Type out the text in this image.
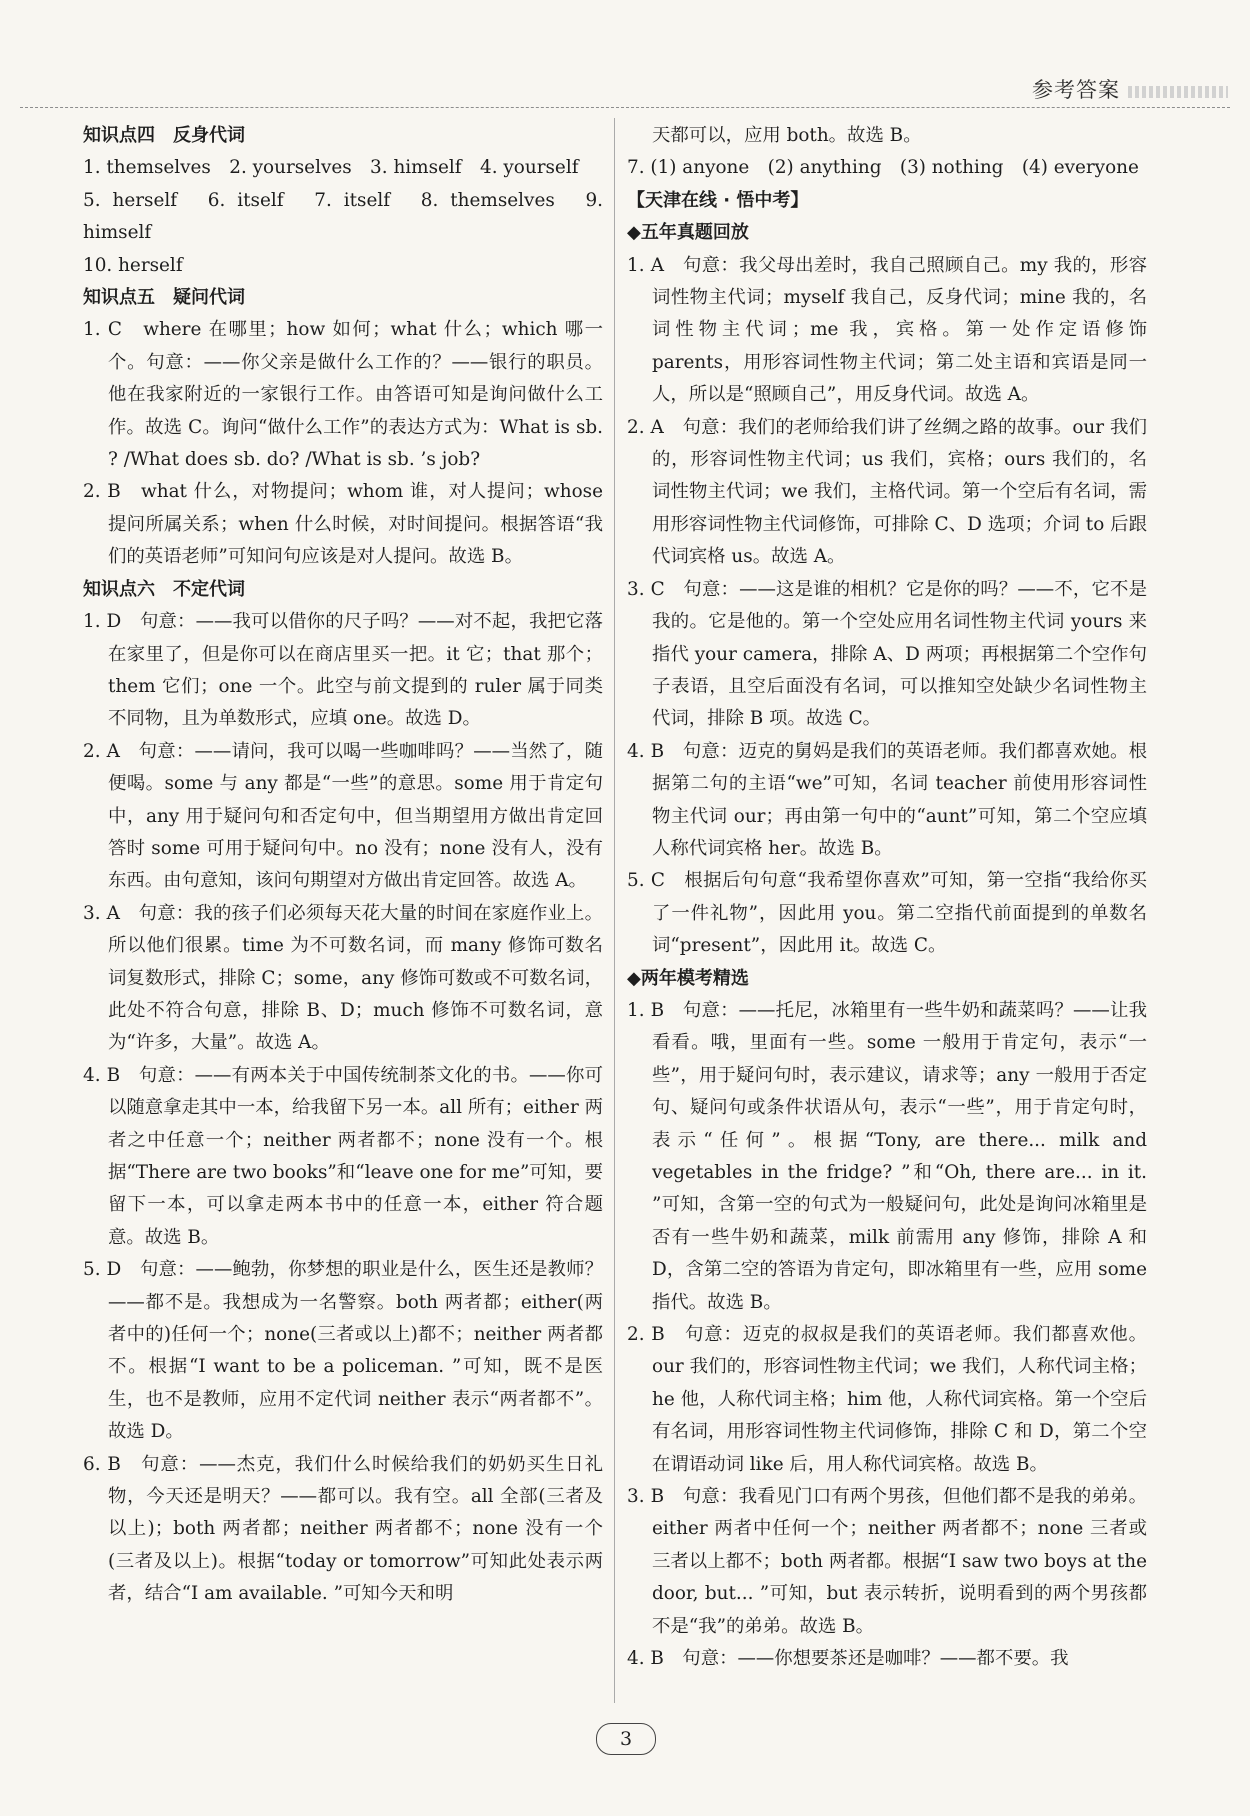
参考答案

知识点四　反身代词

1. themselves　2. yourselves　3. himself　4. yourself

5. herself　6. itself　7. itself　8. themselves　9. himself

10. herself

知识点五　疑问代词

1. C　where 在哪里；how 如何；what 什么；which 哪一个。句意：——你父亲是做什么工作的？——银行的职员。他在我家附近的一家银行工作。由答语可知是询问做什么工作。故选 C。询问“做什么工作”的表达方式为：What is sb. ? /What does sb. do? /What is sb. ’s job?

2. B　what 什么，对物提问；whom 谁，对人提问；whose 提问所属关系；when 什么时候，对时间提问。根据答语“我们的英语老师”可知问句应该是对人提问。故选 B。

知识点六　不定代词

1. D　句意：——我可以借你的尺子吗？——对不起，我把它落在家里了，但是你可以在商店里买一把。it 它；that 那个；them 它们；one 一个。此空与前文提到的 ruler 属于同类不同物，且为单数形式，应填 one。故选 D。

2. A　句意：——请问，我可以喝一些咖啡吗？——当然了，随便喝。some 与 any 都是“一些”的意思。some 用于肯定句中，any 用于疑问句和否定句中，但当期望用方做出肯定回答时 some 可用于疑问句中。no 没有；none 没有人，没有东西。由句意知，该问句期望对方做出肯定回答。故选 A。

3. A　句意：我的孩子们必须每天花大量的时间在家庭作业上。所以他们很累。time 为不可数名词，而 many 修饰可数名词复数形式，排除 C；some，any 修饰可数或不可数名词，此处不符合句意，排除 B、D；much 修饰不可数名词，意为“许多，大量”。故选 A。

4. B　句意：——有两本关于中国传统制茶文化的书。——你可以随意拿走其中一本，给我留下另一本。all 所有；either 两者之中任意一个；neither 两者都不；none 没有一个。根据“There are two books”和“leave one for me”可知，要留下一本，可以拿走两本书中的任意一本，either 符合题意。故选 B。

5. D　句意：——鲍勃，你梦想的职业是什么，医生还是教师？——都不是。我想成为一名警察。both 两者都；either(两者中的)任何一个；none(三者或以上)都不；neither 两者都不。根据“I want to be a policeman. ”可知，既不是医生，也不是教师，应用不定代词 neither 表示“两者都不”。故选 D。

6. B　句意：——杰克，我们什么时候给我们的奶奶买生日礼物，今天还是明天？——都可以。我有空。all 全部(三者及以上)；both 两者都；neither 两者都不；none 没有一个(三者及以上)。根据“today or tomorrow”可知此处表示两者，结合“I am available. ”可知今天和明

天都可以，应用 both。故选 B。

7. (1) anyone　(2) anything　(3) nothing　(4) everyone

【天津在线 · 悟中考】

◆五年真题回放

1. A　句意：我父母出差时，我自己照顾自己。my 我的，形容词性物主代词；myself 我自己，反身代词；mine 我的，名词性物主代词；me 我，宾格。第一处作定语修饰 parents，用形容词性物主代词；第二处主语和宾语是同一人，所以是“照顾自己”，用反身代词。故选 A。

2. A　句意：我们的老师给我们讲了丝绸之路的故事。our 我们的，形容词性物主代词；us 我们，宾格；ours 我们的，名词性物主代词；we 我们，主格代词。第一个空后有名词，需用形容词性物主代词修饰，可排除 C、D 选项；介词 to 后跟代词宾格 us。故选 A。

3. C　句意：——这是谁的相机？它是你的吗？——不，它不是我的。它是他的。第一个空处应用名词性物主代词 yours 来指代 your camera，排除 A、D 两项；再根据第二个空作句子表语，且空后面没有名词，可以推知空处缺少名词性物主代词，排除 B 项。故选 C。

4. B　句意：迈克的舅妈是我们的英语老师。我们都喜欢她。根据第二句的主语“we”可知，名词 teacher 前使用形容词性物主代词 our；再由第一句中的“aunt”可知，第二个空应填人称代词宾格 her。故选 B。

5. C　根据后句句意“我希望你喜欢”可知，第一空指“我给你买了一件礼物”，因此用 you。第二空指代前面提到的单数名词“present”，因此用 it。故选 C。

◆两年模考精选

1. B　句意：——托尼，冰箱里有一些牛奶和蔬菜吗？——让我看看。哦，里面有一些。some 一般用于肯定句，表示“一些”，用于疑问句时，表示建议，请求等；any 一般用于否定句、疑问句或条件状语从句，表示“一些”，用于肯定句时，表示“任何”。根据“Tony, are there... milk and vegetables in the fridge? ”和“Oh, there are... in it. ”可知，含第一空的句式为一般疑问句，此处是询问冰箱里是否有一些牛奶和蔬菜，milk 前需用 any 修饰，排除 A 和 D，含第二空的答语为肯定句，即冰箱里有一些，应用 some 指代。故选 B。

2. B　句意：迈克的叔叔是我们的英语老师。我们都喜欢他。our 我们的，形容词性物主代词；we 我们，人称代词主格；he 他，人称代词主格；him 他，人称代词宾格。第一个空后有名词，用形容词性物主代词修饰，排除 C 和 D，第二个空在谓语动词 like 后，用人称代词宾格。故选 B。

3. B　句意：我看见门口有两个男孩，但他们都不是我的弟弟。either 两者中任何一个；neither 两者都不；none 三者或三者以上都不；both 两者都。根据“I saw two boys at the door, but... ”可知，but 表示转折，说明看到的两个男孩都不是“我”的弟弟。故选 B。

4. B　句意：——你想要茶还是咖啡？——都不要。我

3
